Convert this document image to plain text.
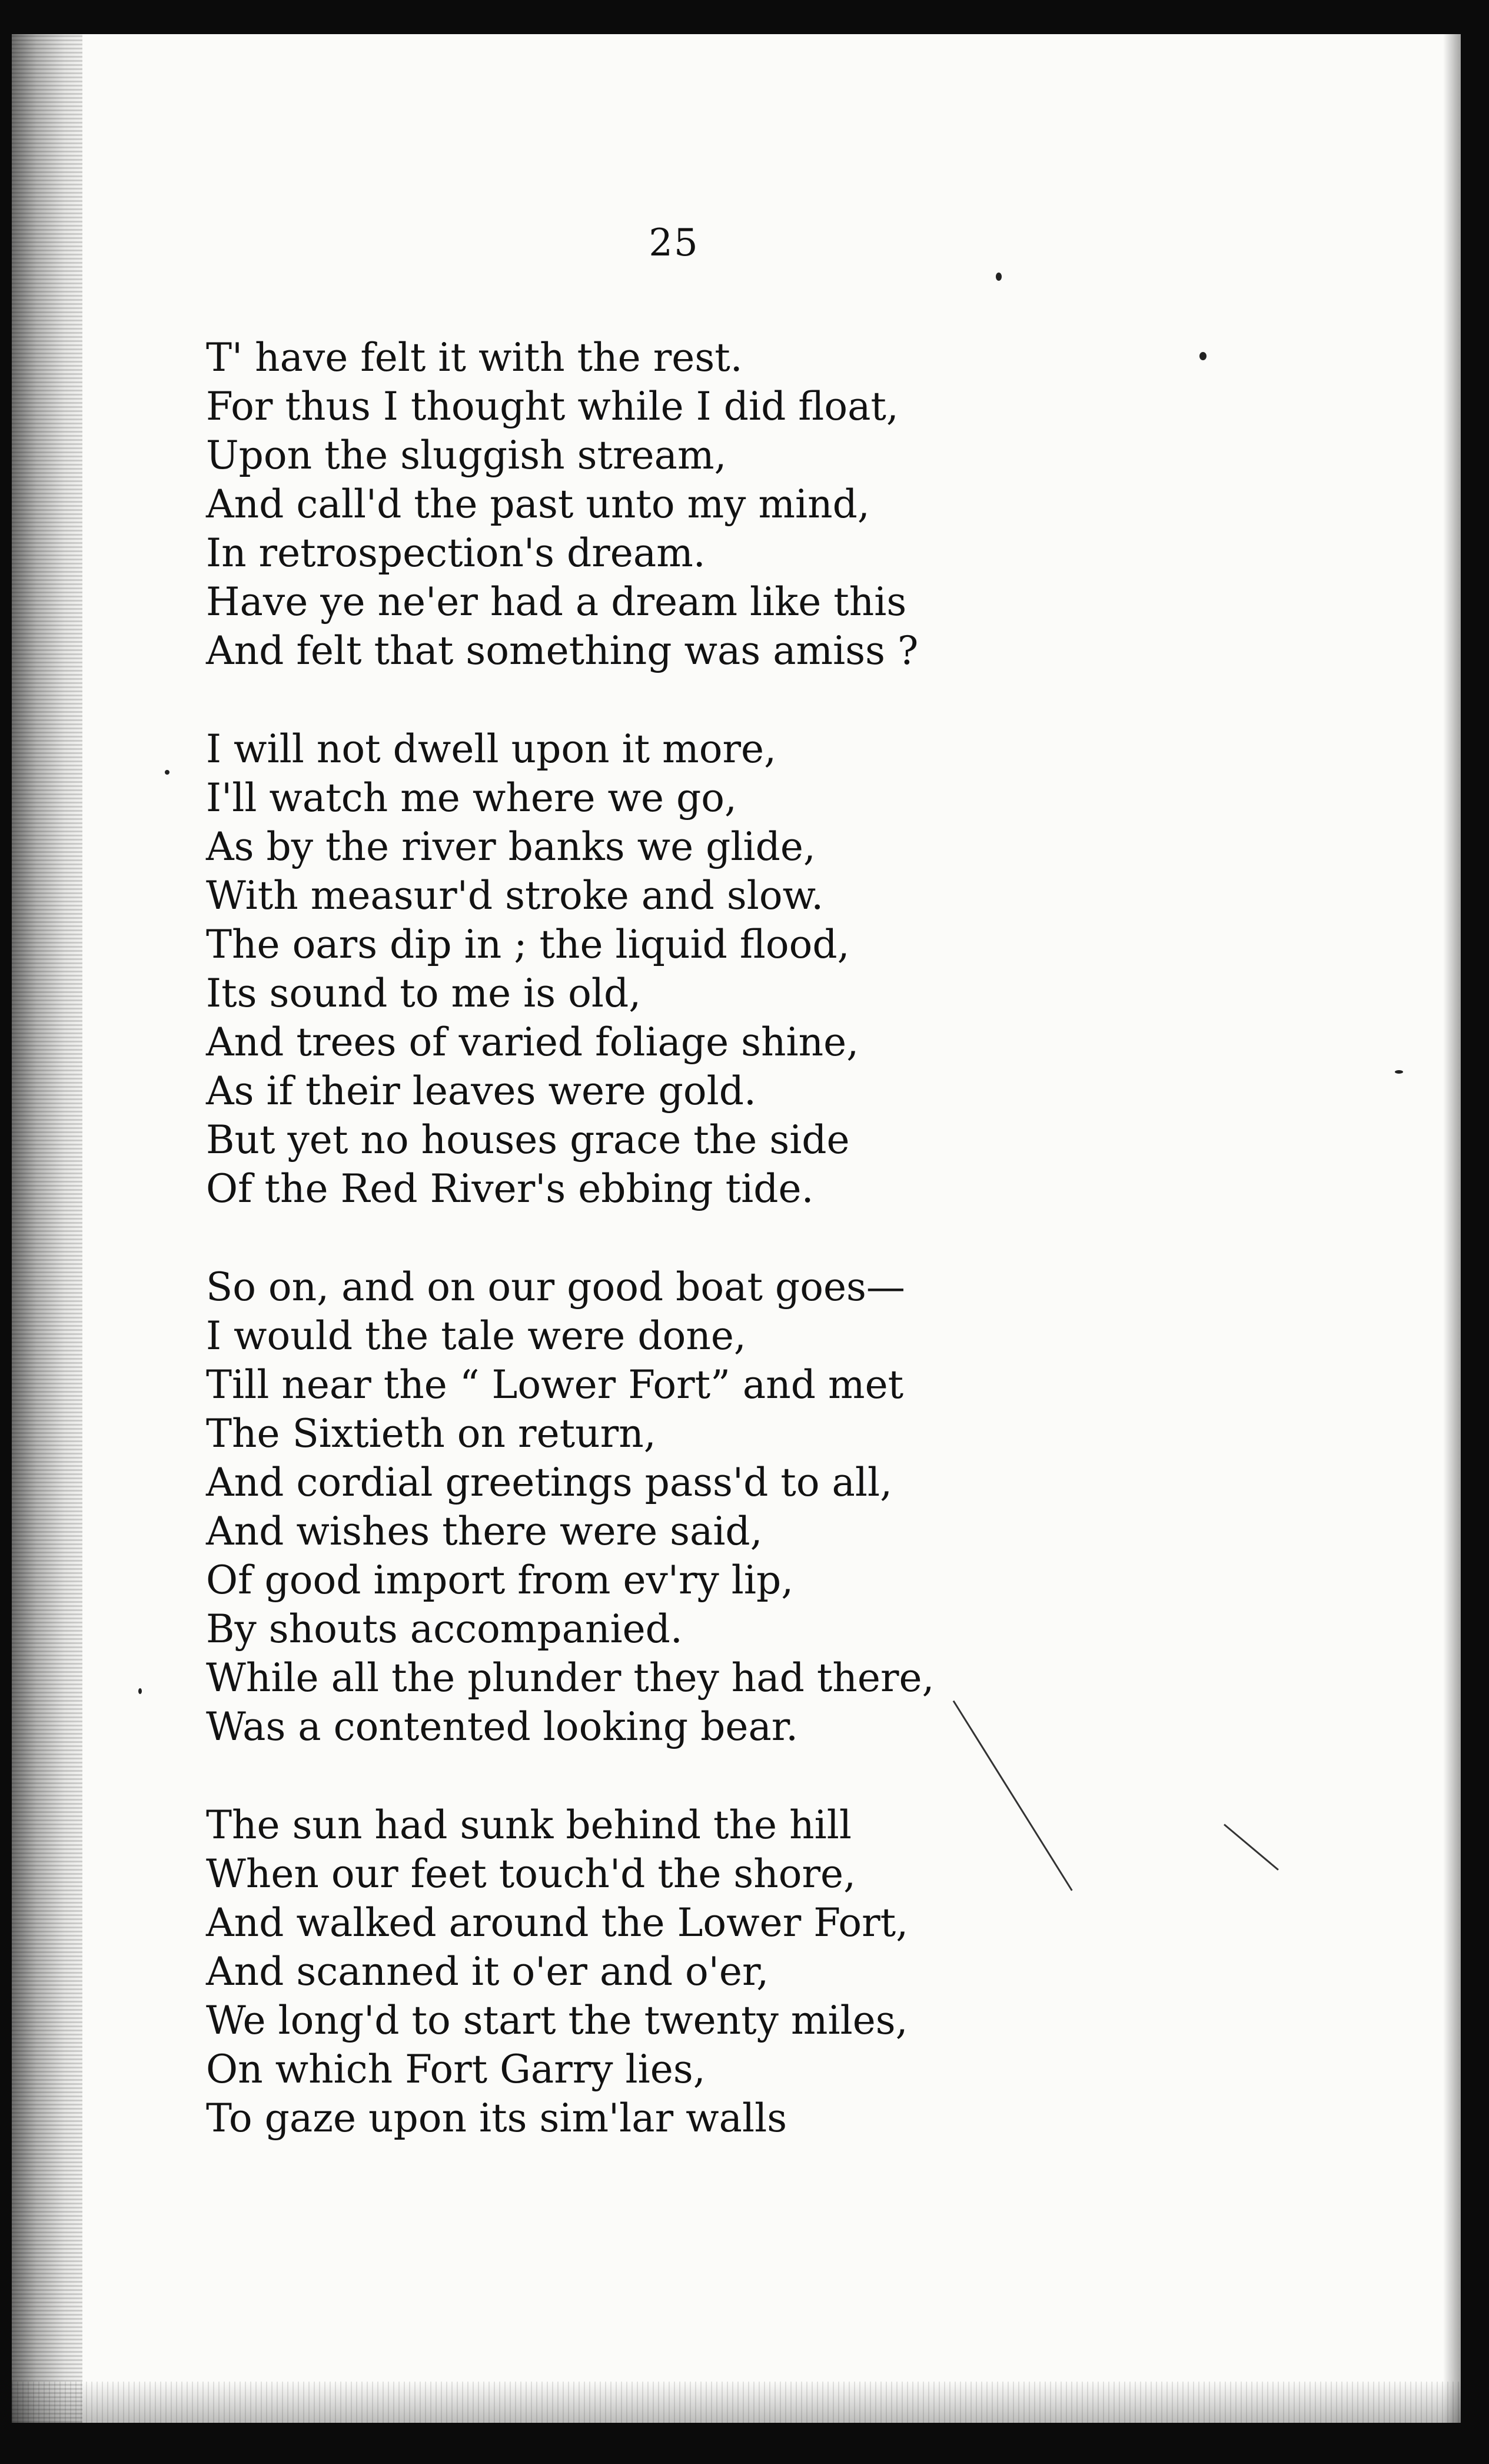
25
T' have felt it with the rest.
For thus I thought while I did float,
Upon the sluggish stream,
And call'd the past unto my mind,
In retrospection's dream.
Have ye ne'er had a dream like this
And felt that something was amiss ?
I will not dwell upon it more,
I'll watch me where we go,
As by the river banks we glide,
With measur'd stroke and slow.
The oars dip in ; the liquid flood,
Its sound to me is old,
And trees of varied foliage shine,
As if their leaves were gold.
But yet no houses grace the side
Of the Red River's ebbing tide.
So on, and on our good boat goes—
I would the tale were done,
Till near the “ Lower Fort” and met
The Sixtieth on return,
And cordial greetings pass'd to all,
And wishes there were said,
Of good import from ev'ry lip,
By shouts accompanied.
While all the plunder they had there,
Was a contented looking bear.
The sun had sunk behind the hill
When our feet touch'd the shore,
And walked around the Lower Fort,
And scanned it o'er and o'er,
We long'd to start the twenty miles,
On which Fort Garry lies,
To gaze upon its sim'lar walls
